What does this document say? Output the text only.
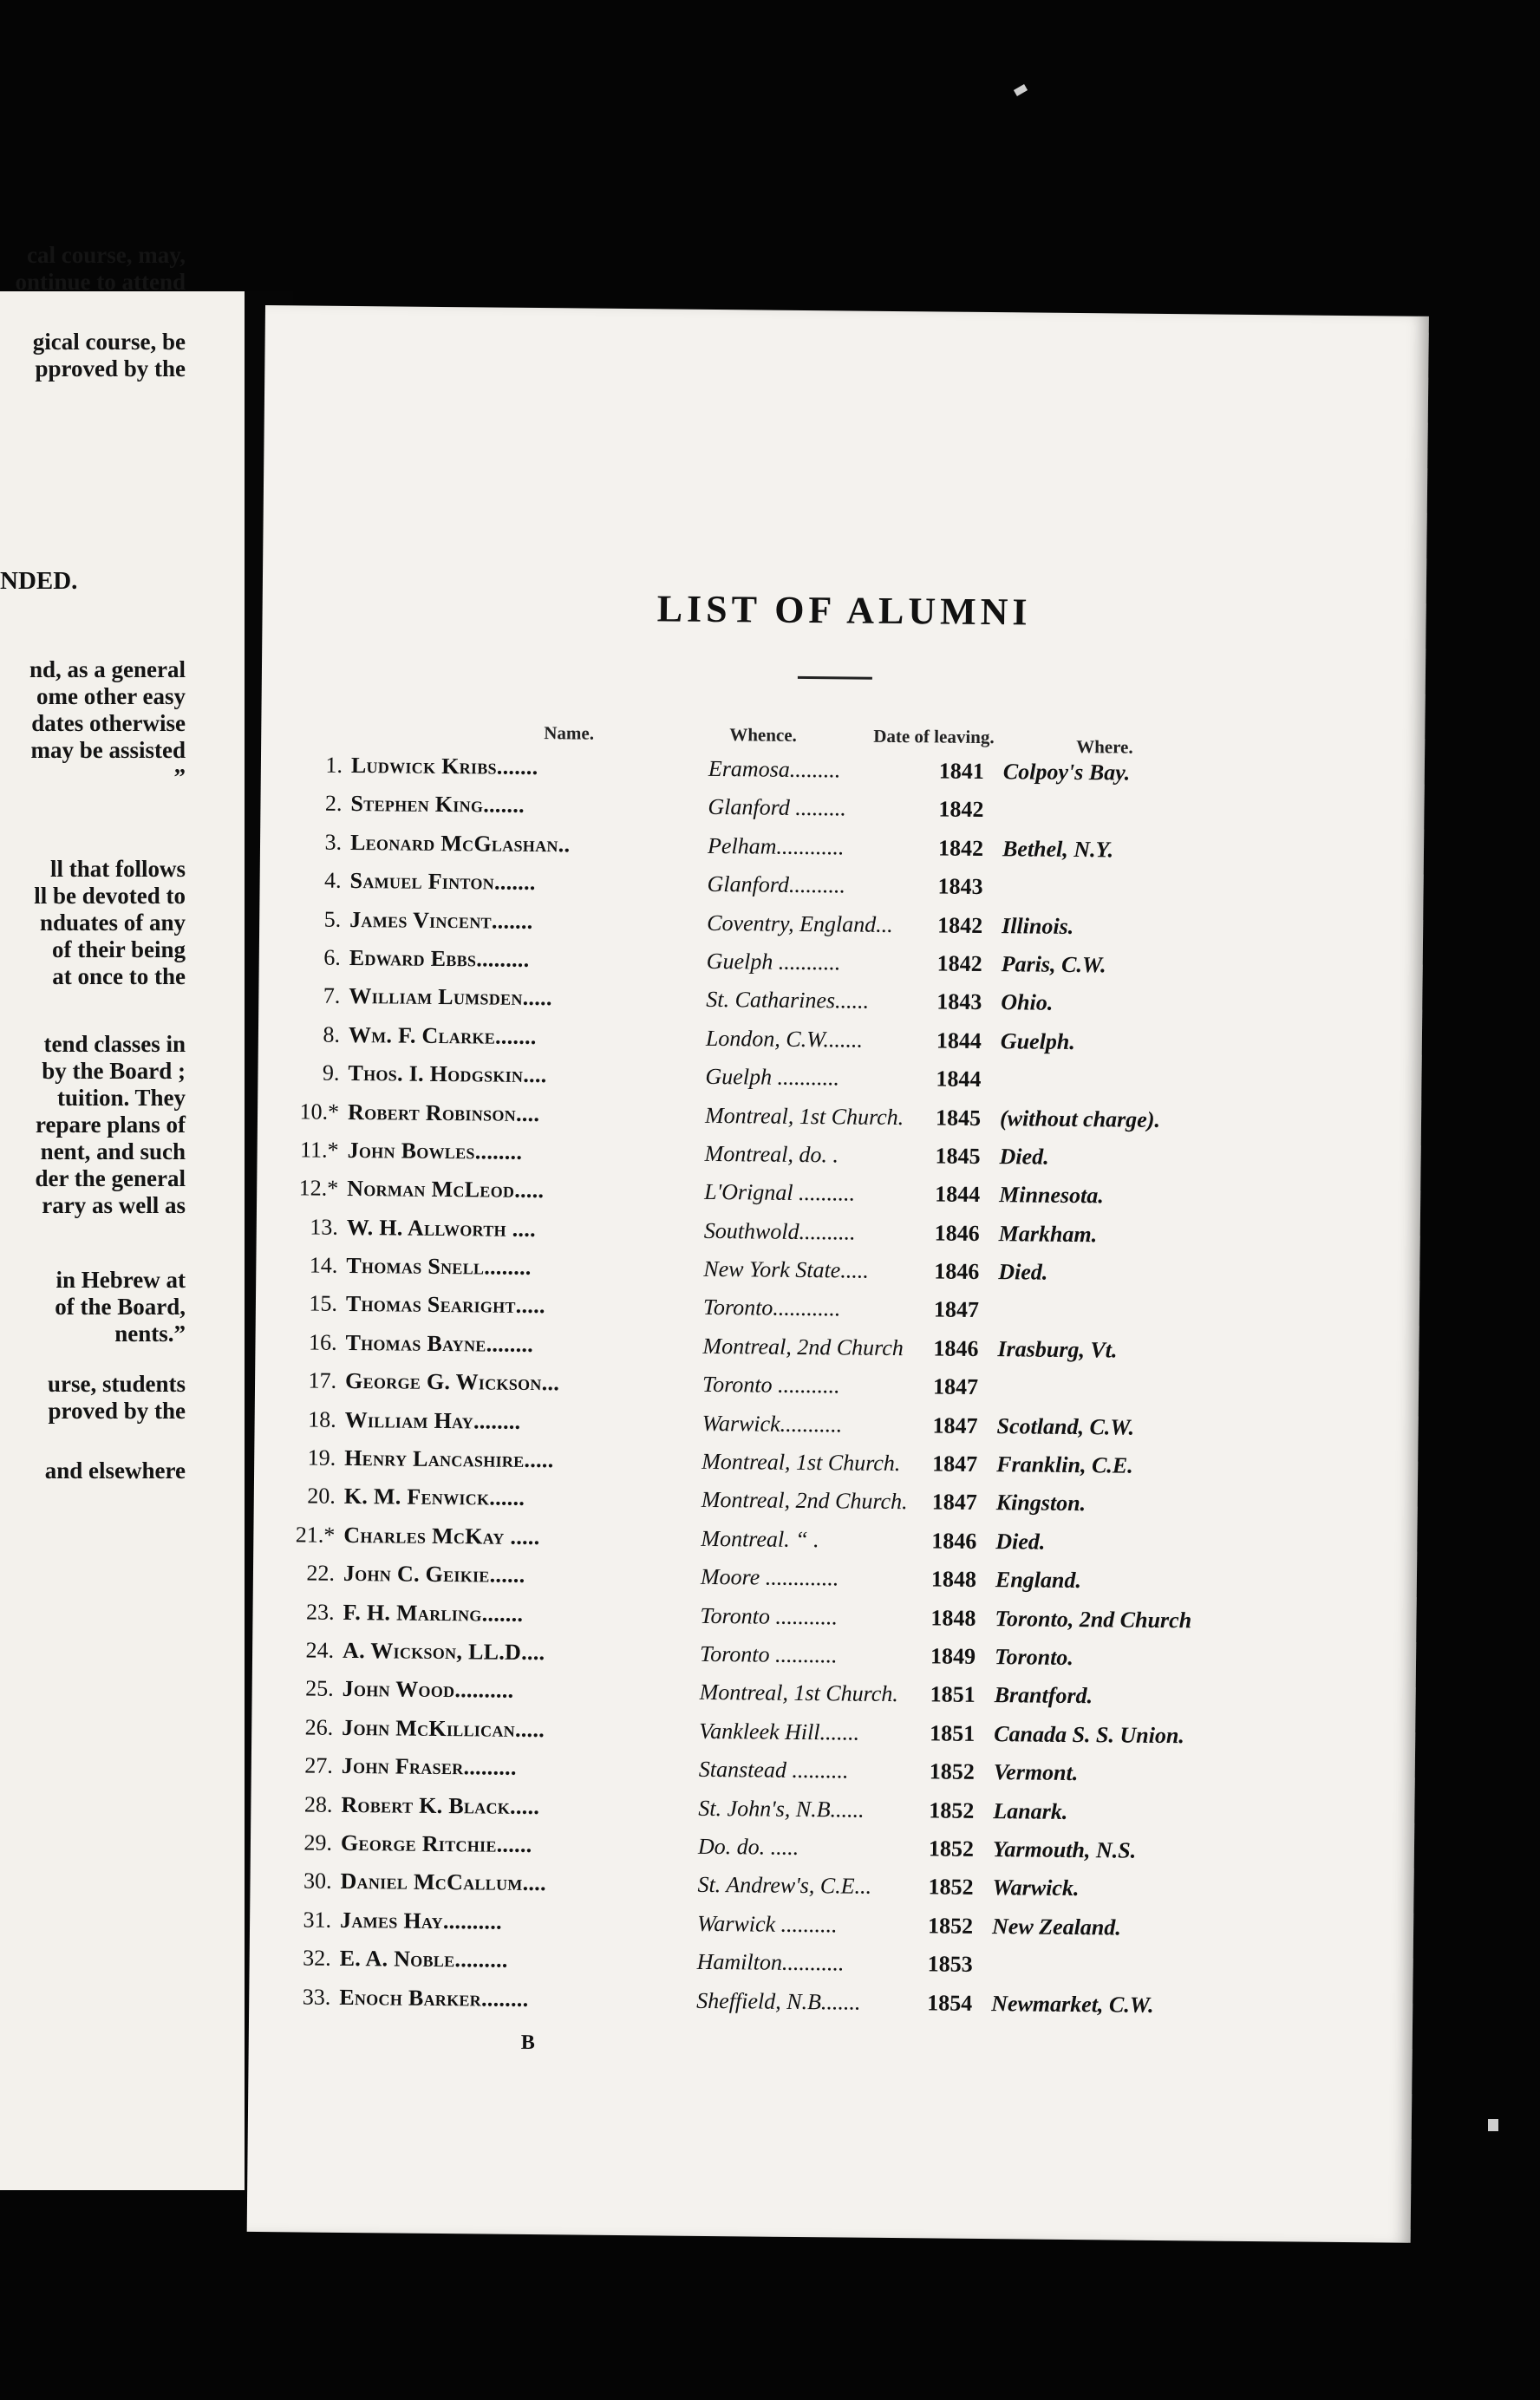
cal course, may,
ontinue to attend
gical course, be
pproved by the
NDED.
nd, as a general
ome other easy
dates otherwise
may be assisted
”
ll that follows
ll be devoted to
nduates of any
of their being
at once to the
tend classes in
by the Board ;
tuition. They
repare plans of
nent, and such
der the general
rary as well as
in Hebrew at
of the Board,
nents.”
urse, students
proved by the
and elsewhere
LIST OF ALUMNI
Name.	Whence.	Date of leaving.	Where.
1. Ludwick Kribs.......	Eramosa.........	1841 Colpoy's Bay.
2. Stephen King.......	Glanford .........	1842
3. Leonard McGlashan..	Pelham............	1842 Bethel, N.Y.
4. Samuel Finton.......	Glanford..........	1843
5. James Vincent.......	Coventry, England... 1842 Illinois.
6. Edward Ebbs.........	Guelph ...........	1842 Paris, C.W.
7. William Lumsden.....	St. Catharines......	1843 Ohio.
8. Wm. F. Clarke.......	London, C.W.......	1844 Guelph.
9. Thos. I. Hodgskin....	Guelph ...........	1844
10.* Robert Robinson....	Montreal, 1st Church. 1845 (without charge).
11.* John Bowles........	Montreal, do. .	1845 Died.
12.* Norman McLeod.....	L'Orignal ..........	1844 Minnesota.
13. W. H. Allworth ....	Southwold..........	1846 Markham.
14. Thomas Snell........	New York State.....	1846 Died.
15. Thomas Searight.....	Toronto............	1847
16. Thomas Bayne........	Montreal, 2nd Church 1846 Irasburg, Vt.
17. George G. Wickson...	Toronto ...........	1847
18. William Hay........	Warwick...........	1847 Scotland, C.W.
19. Henry Lancashire.....	Montreal, 1st Church. 1847 Franklin, C.E.
20. K. M. Fenwick......	Montreal, 2nd Church. 1847 Kingston.
21.* Charles McKay .....	Montreal. “ .	1846 Died.
22. John C. Geikie......	Moore .............	1848 England.
23. F. H. Marling.......	Toronto ...........	1848 Toronto, 2nd Church
24. A. Wickson, LL.D....	Toronto ...........	1849 Toronto.
25. John Wood..........	Montreal, 1st Church. 1851 Brantford.
26. John McKillican.....	Vankleek Hill.......	1851 Canada S. S. Union.
27. John Fraser.........	Stanstead ..........	1852 Vermont.
28. Robert K. Black.....	St. John's, N.B......	1852 Lanark.
29. George Ritchie......	Do. do. .....	1852 Yarmouth, N.S.
30. Daniel McCallum....	St. Andrew's, C.E...	1852 Warwick.
31. James Hay..........	Warwick ..........	1852 New Zealand.
32. E. A. Noble.........	Hamilton...........	1853
33. Enoch Barker........	Sheffield, N.B.......	1854 Newmarket, C.W.
B
